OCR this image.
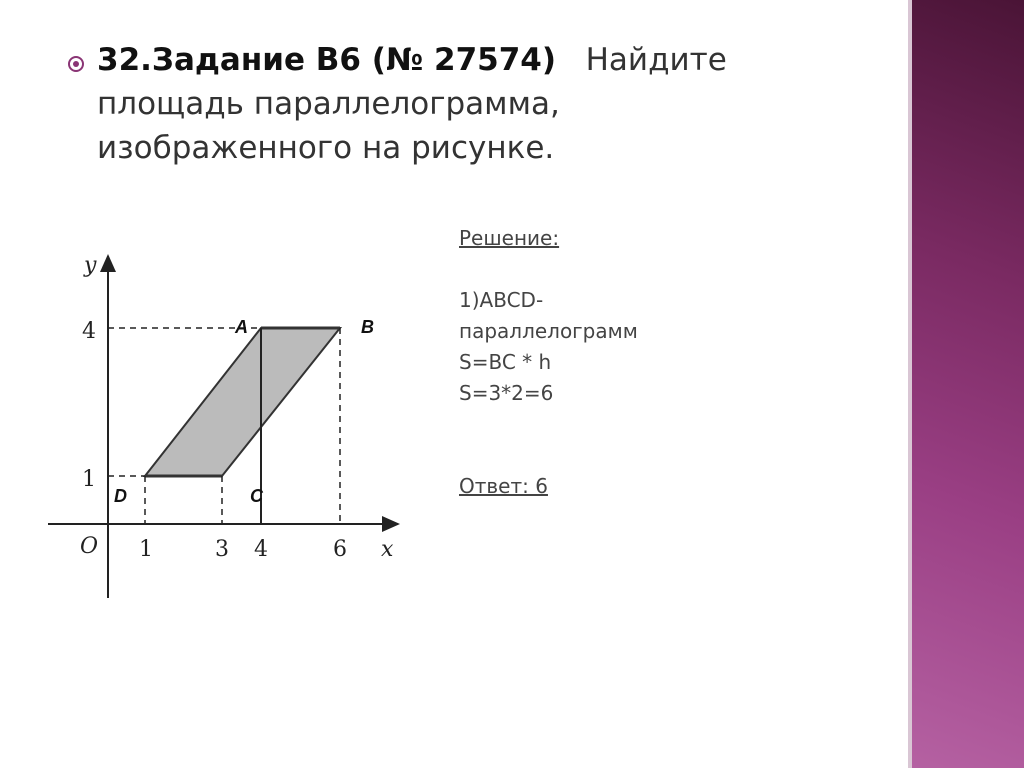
32.Задание B6 (№ 27574) Найдите площадь параллелограмма, изображенного на рисунке.
y
x
O 1	3 4	6
1
4	A	B
D	C
Решение:
1)ABCD-
параллелограмм
S=BC * h
S=3*2=6
Ответ: 6
